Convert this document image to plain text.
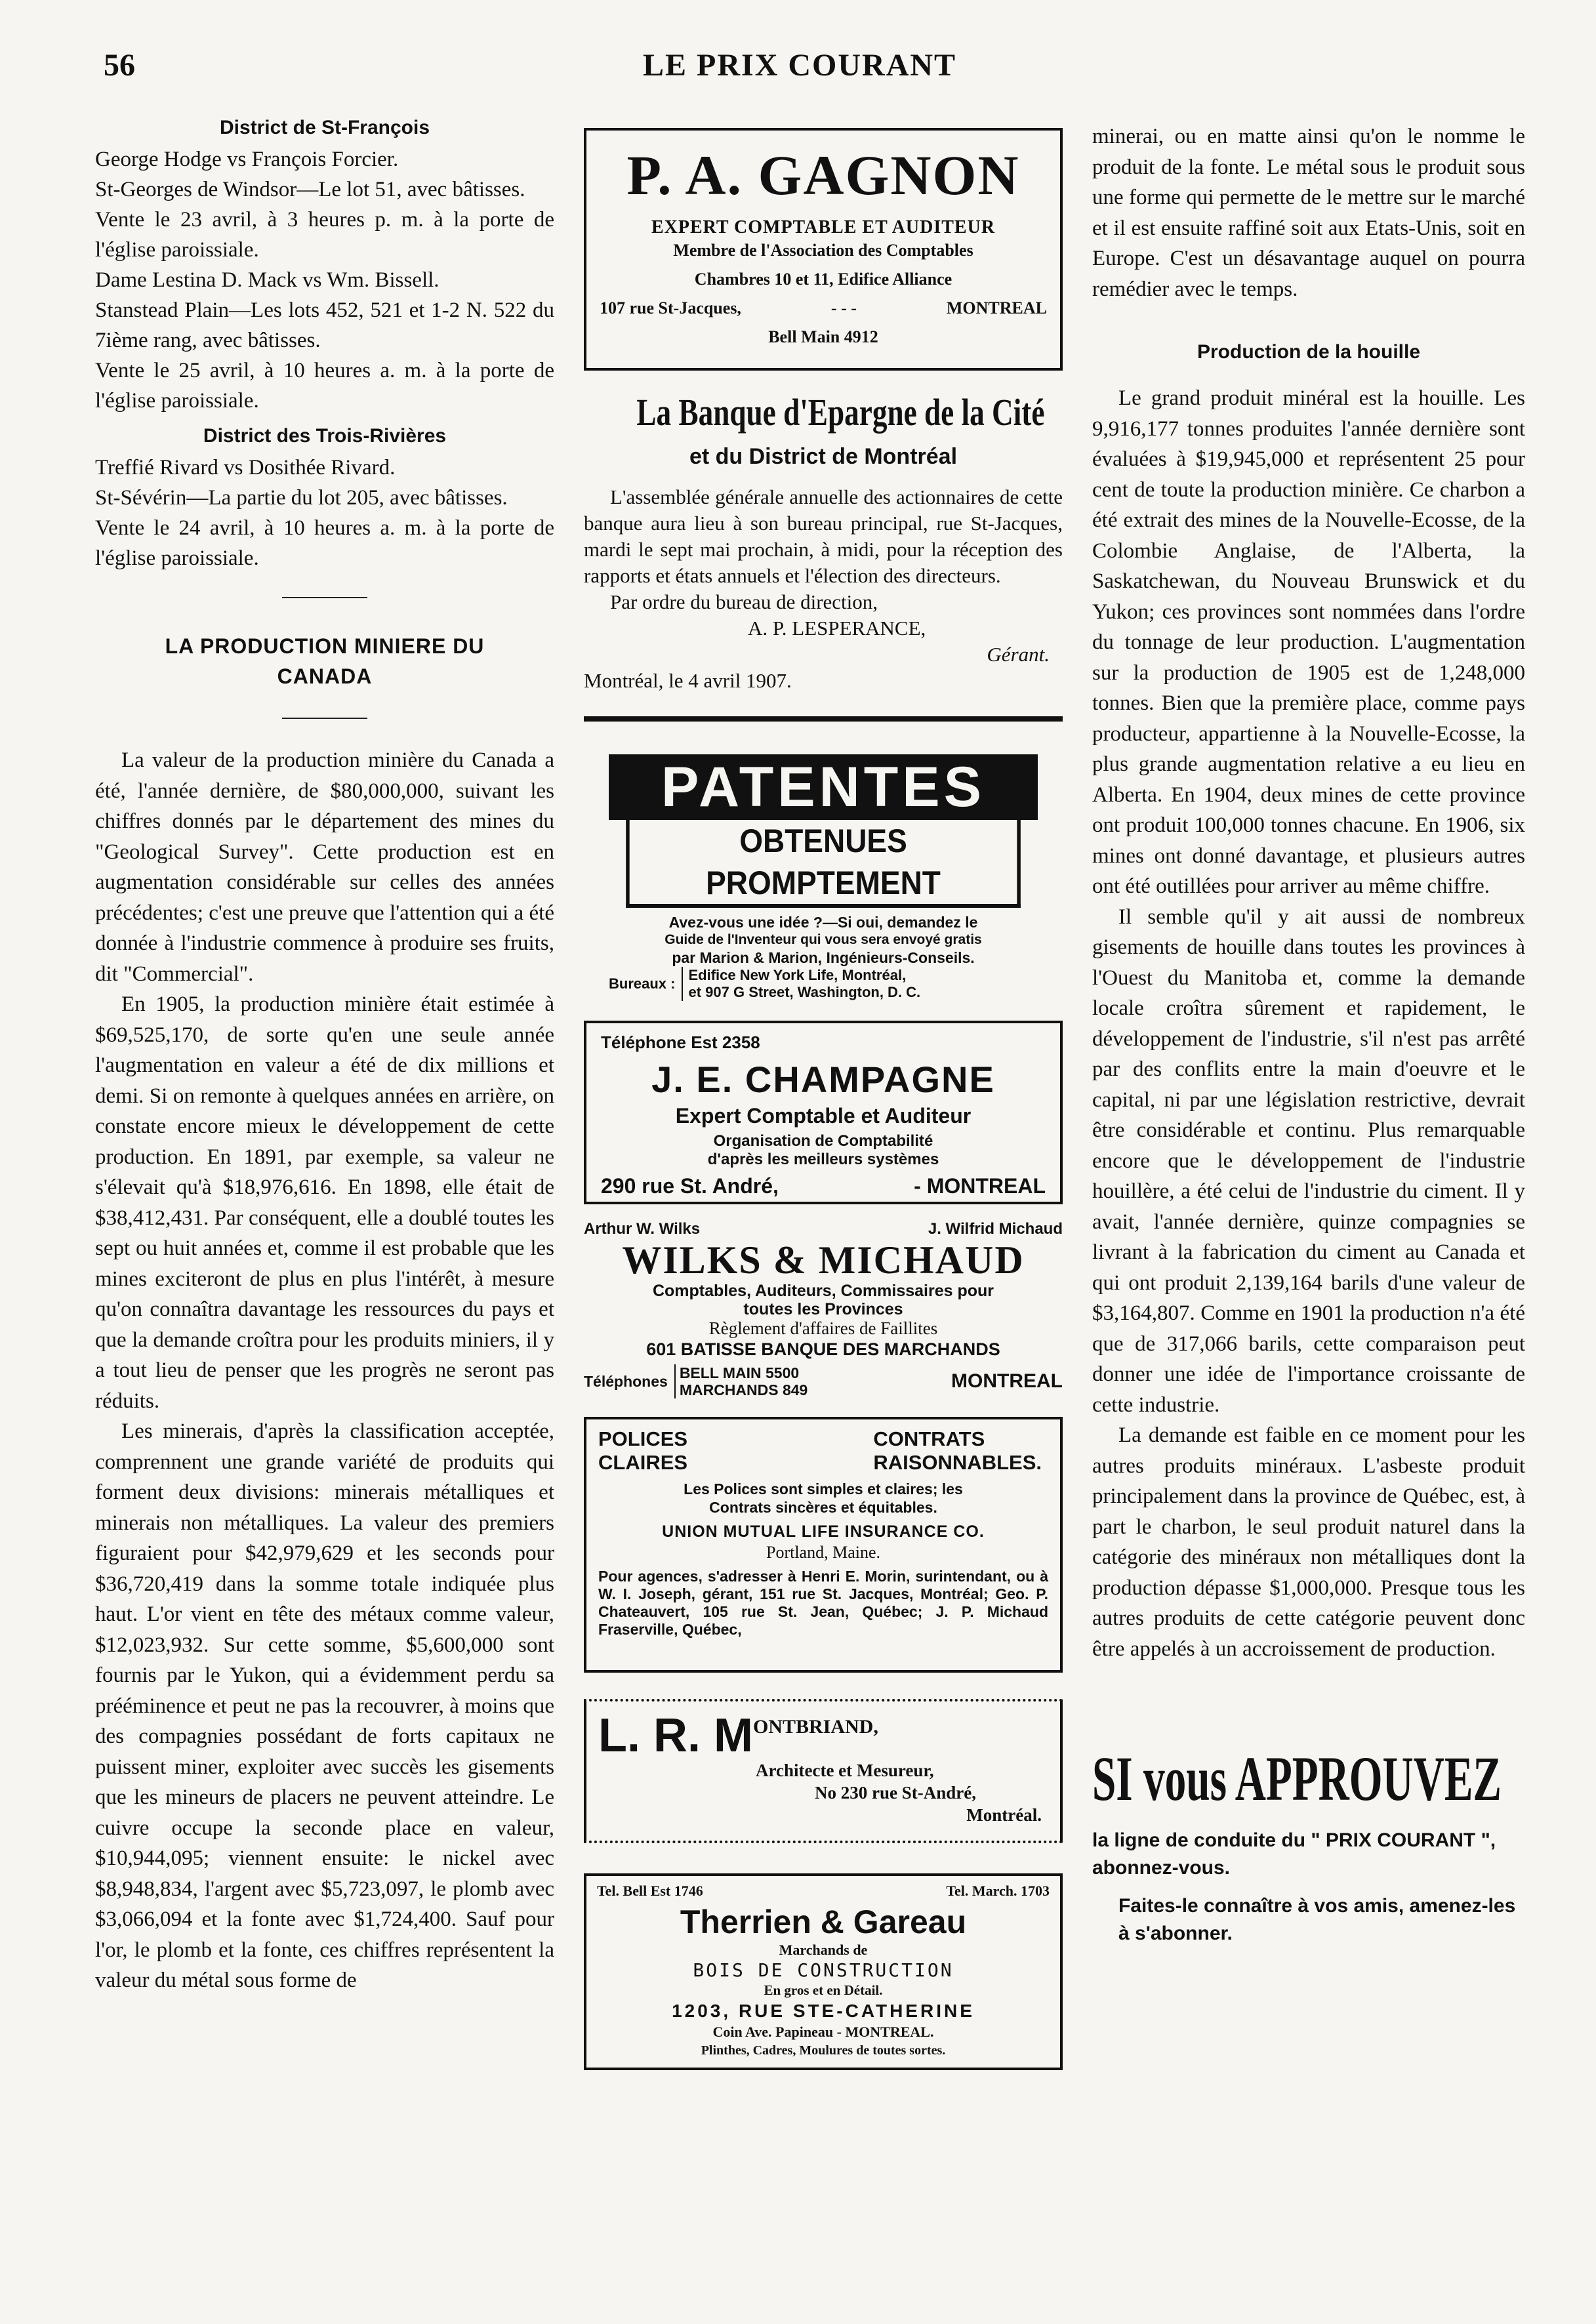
56	LE PRIX COURANT
District de St-François

George Hodge vs François Forcier.

St-Georges de Windsor—Le lot 51, avec bâtisses.

Vente le 23 avril, à 3 heures p. m. à la porte de l'église paroissiale.

Dame Lestina D. Mack vs Wm. Bissell.

Stanstead Plain—Les lots 452, 521 et 1-2 N. 522 du 7ième rang, avec bâtisses.

Vente le 25 avril, à 10 heures a. m. à la porte de l'église paroissiale.

District des Trois-Rivières

Treffié Rivard vs Dosithée Rivard.

St-Sévérin—La partie du lot 205, avec bâtisses.

Vente le 24 avril, à 10 heures a. m. à la porte de l'église paroissiale.

LA PRODUCTION MINIERE DU CANADA

La valeur de la production minière du Canada a été, l'année dernière, de $80,000,000, suivant les chiffres donnés par le département des mines du "Geological Survey". Cette production est en augmentation considérable sur celles des années précédentes; c'est une preuve que l'attention qui a été donnée à l'industrie commence à produire ses fruits, dit "Commercial".

En 1905, la production minière était estimée à $69,525,170, de sorte qu'en une seule année l'augmentation en valeur a été de dix millions et demi. Si on remonte à quelques années en arrière, on constate encore mieux le développement de cette production. En 1891, par exemple, sa valeur ne s'élevait qu'à $18,976,616. En 1898, elle était de $38,412,431. Par conséquent, elle a doublé toutes les sept ou huit années et, comme il est probable que les mines exciteront de plus en plus l'intérêt, à mesure qu'on connaîtra davantage les ressources du pays et que la demande croîtra pour les produits miniers, il y a tout lieu de penser que les progrès ne seront pas réduits.

Les minerais, d'après la classification acceptée, comprennent une grande variété de produits qui forment deux divisions: minerais métalliques et minerais non métalliques. La valeur des premiers figuraient pour $42,979,629 et les seconds pour $36,720,419 dans la somme totale indiquée plus haut. L'or vient en tête des métaux comme valeur, $12,023,932. Sur cette somme, $5,600,000 sont fournis par le Yukon, qui a évidemment perdu sa prééminence et peut ne pas la recouvrer, à moins que des compagnies possédant de forts capitaux ne puissent miner, exploiter avec succès les gisements que les mineurs de placers ne peuvent atteindre. Le cuivre occupe la seconde place en valeur, $10,944,095; viennent ensuite: le nickel avec $8,948,834, l'argent avec $5,723,097, le plomb avec $3,066,094 et la fonte avec $1,724,400. Sauf pour l'or, le plomb et la fonte, ces chiffres représentent la valeur du métal sous forme de

P. A. GAGNON
EXPERT COMPTABLE ET AUDITEUR
Membre de l'Association des Comptables
Chambres 10 et 11, Edifice Alliance
107 rue St-Jacques,	- - -	MONTREAL
Bell Main 4912
La Banque d'Epargne de la Cité
et du District de Montréal

L'assemblée générale annuelle des actionnaires de cette banque aura lieu à son bureau principal, rue St-Jacques, mardi le sept mai prochain, à midi, pour la réception des rapports et états annuels et l'élection des directeurs.

Par ordre du bureau de direction,

A. P. LESPERANCE,
Gérant.
Montréal, le 4 avril 1907.
PATENTES
OBTENUES PROMPTEMENT
Avez-vous une idée ?—Si oui, demandez le
Guide de l'Inventeur qui vous sera envoyé gratis
par Marion & Marion, Ingénieurs-Conseils.
Bureaux :
Edifice New York Life, Montréal,
et 907 G Street, Washington, D. C.
Téléphone Est 2358
J. E. CHAMPAGNE
Expert Comptable et Auditeur
Organisation de Comptabilité
d'après les meilleurs systèmes
290 rue St. André,	- MONTREAL
Arthur W. Wilks	J. Wilfrid Michaud
WILKS & MICHAUD
Comptables, Auditeurs, Commissaires pour
toutes les Provinces
Règlement d'affaires de Faillites
601 BATISSE BANQUE DES MARCHANDS
Téléphones BELL MAIN 5500
MARCHANDS 849	MONTREAL
POLICES
CLAIRES
CONTRATS
RAISONNABLES.
Les Polices sont simples et claires; les
Contrats sincères et équitables.
UNION MUTUAL LIFE INSURANCE CO.
Portland, Maine.
Pour agences, s'adresser à Henri E. Morin, surintendant, ou à W. I. Joseph, gérant, 151 rue St. Jacques, Montréal; Geo. P. Chateauvert, 105 rue St. Jean, Québec; J. P. Michaud Fraserville, Québec,
L. R. M ONTBRIAND,
Architecte et Mesureur,
No 230 rue St-André,
Montréal.
Tel. Bell Est 1746	Tel. March. 1703
Therrien & Gareau
Marchands de
BOIS DE CONSTRUCTION
En gros et en Détail.
1203, RUE STE-CATHERINE
Coin Ave. Papineau - MONTREAL.
Plinthes, Cadres, Moulures de toutes sortes.

minerai, ou en matte ainsi qu'on le nomme le produit de la fonte. Le métal sous le produit sous une forme qui permette de le mettre sur le marché et il est ensuite raffiné soit aux Etats-Unis, soit en Europe. C'est un désavantage auquel on pourra remédier avec le temps.

Production de la houille

Le grand produit minéral est la houille. Les 9,916,177 tonnes produites l'année dernière sont évaluées à $19,945,000 et représentent 25 pour cent de toute la production minière. Ce charbon a été extrait des mines de la Nouvelle-Ecosse, de la Colombie Anglaise, de l'Alberta, la Saskatchewan, du Nouveau Brunswick et du Yukon; ces provinces sont nommées dans l'ordre du tonnage de leur production. L'augmentation sur la production de 1905 est de 1,248,000 tonnes. Bien que la première place, comme pays producteur, appartienne à la Nouvelle-Ecosse, la plus grande augmentation relative a eu lieu en Alberta. En 1904, deux mines de cette province ont produit 100,000 tonnes chacune. En 1906, six mines ont donné davantage, et plusieurs autres ont été outillées pour arriver au même chiffre.

Il semble qu'il y ait aussi de nombreux gisements de houille dans toutes les provinces à l'Ouest du Manitoba et, comme la demande locale croîtra sûrement et rapidement, le développement de l'industrie, s'il n'est pas arrêté par des conflits entre la main d'oeuvre et le capital, ni par une législation restrictive, devrait être considérable et continu. Plus remarquable encore que le développement de l'industrie houillère, a été celui de l'industrie du ciment. Il y avait, l'année dernière, quinze compagnies se livrant à la fabrication du ciment au Canada et qui ont produit 2,139,164 barils d'une valeur de $3,164,807. Comme en 1901 la production n'a été que de 317,066 barils, cette comparaison peut donner une idée de l'importance croissante de cette industrie.

La demande est faible en ce moment pour les autres produits minéraux. L'asbeste produit principalement dans la province de Québec, est, à part le charbon, le seul produit naturel dans la catégorie des minéraux non métalliques dont la production dépasse $1,000,000. Presque tous les autres produits de cette catégorie peuvent donc être appelés à un accroissement de production.

SI vous APPROUVEZ
la ligne de conduite du " PRIX COURANT ", abonnez-vous.
Faites-le connaître à vos amis, amenez-les à s'abonner.
